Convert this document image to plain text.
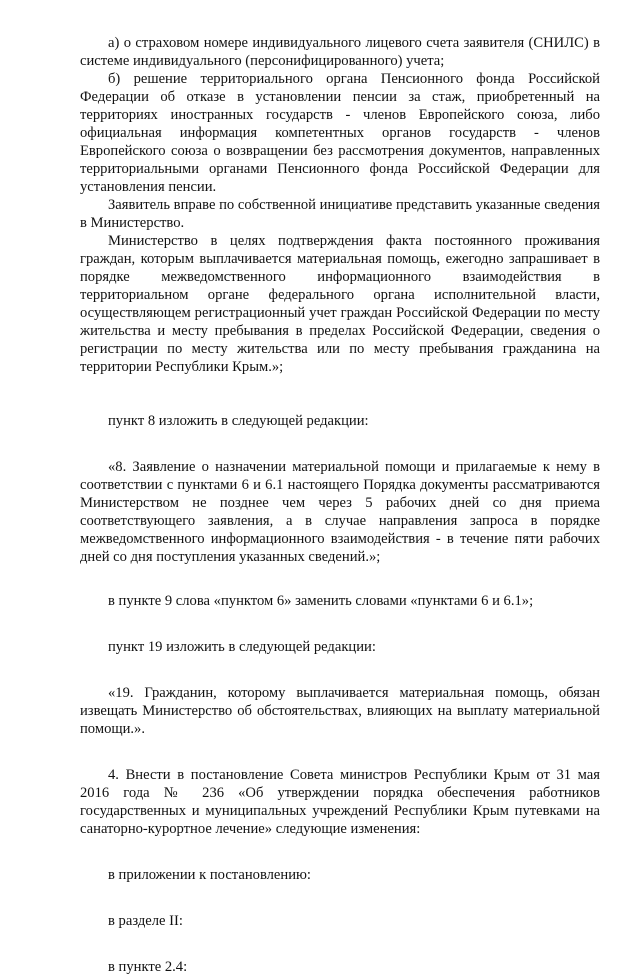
а) о страховом номере индивидуального лицевого счета заявителя (СНИЛС) в системе индивидуального (персонифицированного) учета;

б) решение территориального органа Пенсионного фонда Российской Федерации об отказе в установлении пенсии за стаж, приобретенный на территориях иностранных государств - членов Европейского союза, либо официальная информация компетентных органов государств - членов Европейского союза о возвращении без рассмотрения документов, направленных территориальными органами Пенсионного фонда Российской Федерации для установления пенсии.

Заявитель вправе по собственной инициативе представить указанные сведения в Министерство.

Министерство в целях подтверждения факта постоянного проживания граждан, которым выплачивается материальная помощь, ежегодно запрашивает в порядке межведомственного информационного взаимодействия в территориальном органе федерального органа исполнительной власти, осуществляющем регистрационный учет граждан Российской Федерации по месту жительства и месту пребывания в пределах Российской Федерации, сведения о регистрации по месту жительства или по месту пребывания гражданина на территории Республики Крым.»;

пункт 8 изложить в следующей редакции:

«8. Заявление о назначении материальной помощи и прилагаемые к нему в соответствии с пунктами 6 и 6.1 настоящего Порядка документы рассматриваются Министерством не позднее чем через 5 рабочих дней со дня приема соответствующего заявления, а в случае направления запроса в порядке межведомственного информационного взаимодействия - в течение пяти рабочих дней со дня поступления указанных сведений.»;

в пункте 9 слова «пунктом 6» заменить словами «пунктами 6 и 6.1»;

пункт 19 изложить в следующей редакции:

«19. Гражданин, которому выплачивается материальная помощь, обязан извещать Министерство об обстоятельствах, влияющих на выплату материальной помощи.».

4. Внести в постановление Совета министров Республики Крым от 31 мая 2016 года № 236 «Об утверждении порядка обеспечения работников государственных и муниципальных учреждений Республики Крым путевками на санаторно-курортное лечение» следующие изменения:

в приложении к постановлению:

в разделе II:

в пункте 2.4:
